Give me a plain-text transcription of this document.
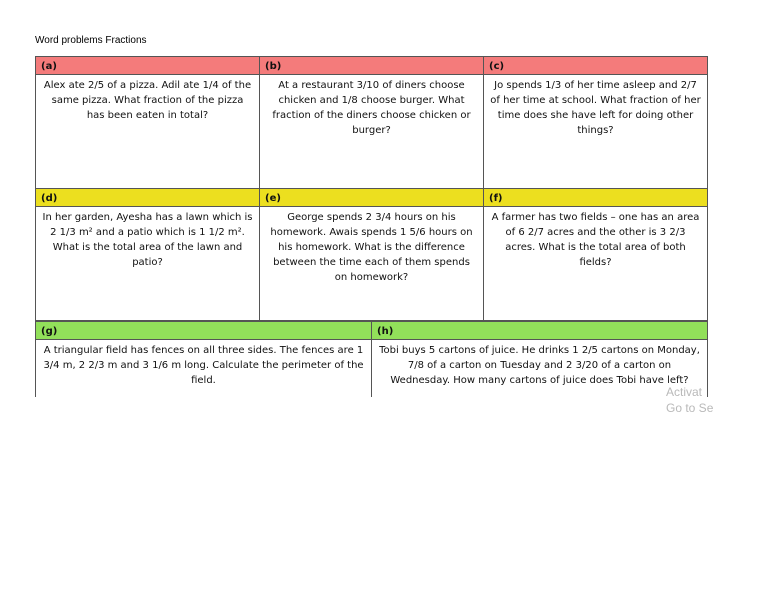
Word problems Fractions
(a)
Alex ate 2/5 of a pizza. Adil ate 1/4 of the same pizza. What fraction of the pizza has been eaten in total?
(b)
At a restaurant 3/10 of diners choose chicken and 1/8 choose burger. What fraction of the diners choose chicken or burger?
(c)
Jo spends 1/3 of her time asleep and 2/7 of her time at school. What fraction of her time does she have left for doing other things?
(d)
In her garden, Ayesha has a lawn which is 2 1/3 m² and a patio which is 1 1/2 m². What is the total area of the lawn and patio?
(e)
George spends 2 3/4 hours on his homework. Awais spends 1 5/6 hours on his homework. What is the difference between the time each of them spends on homework?
(f)
A farmer has two fields – one has an area of 6 2/7 acres and the other is 3 2/3 acres. What is the total area of both fields?
(g)
A triangular field has fences on all three sides. The fences are 1 3/4 m, 2 2/3 m and 3 1/6 m long. Calculate the perimeter of the field.
(h)
Tobi buys 5 cartons of juice. He drinks 1 2/5 cartons on Monday, 7/8 of a carton on Tuesday and 2 3/20 of a carton on Wednesday. How many cartons of juice does Tobi have left?
Activat
Go to Se
